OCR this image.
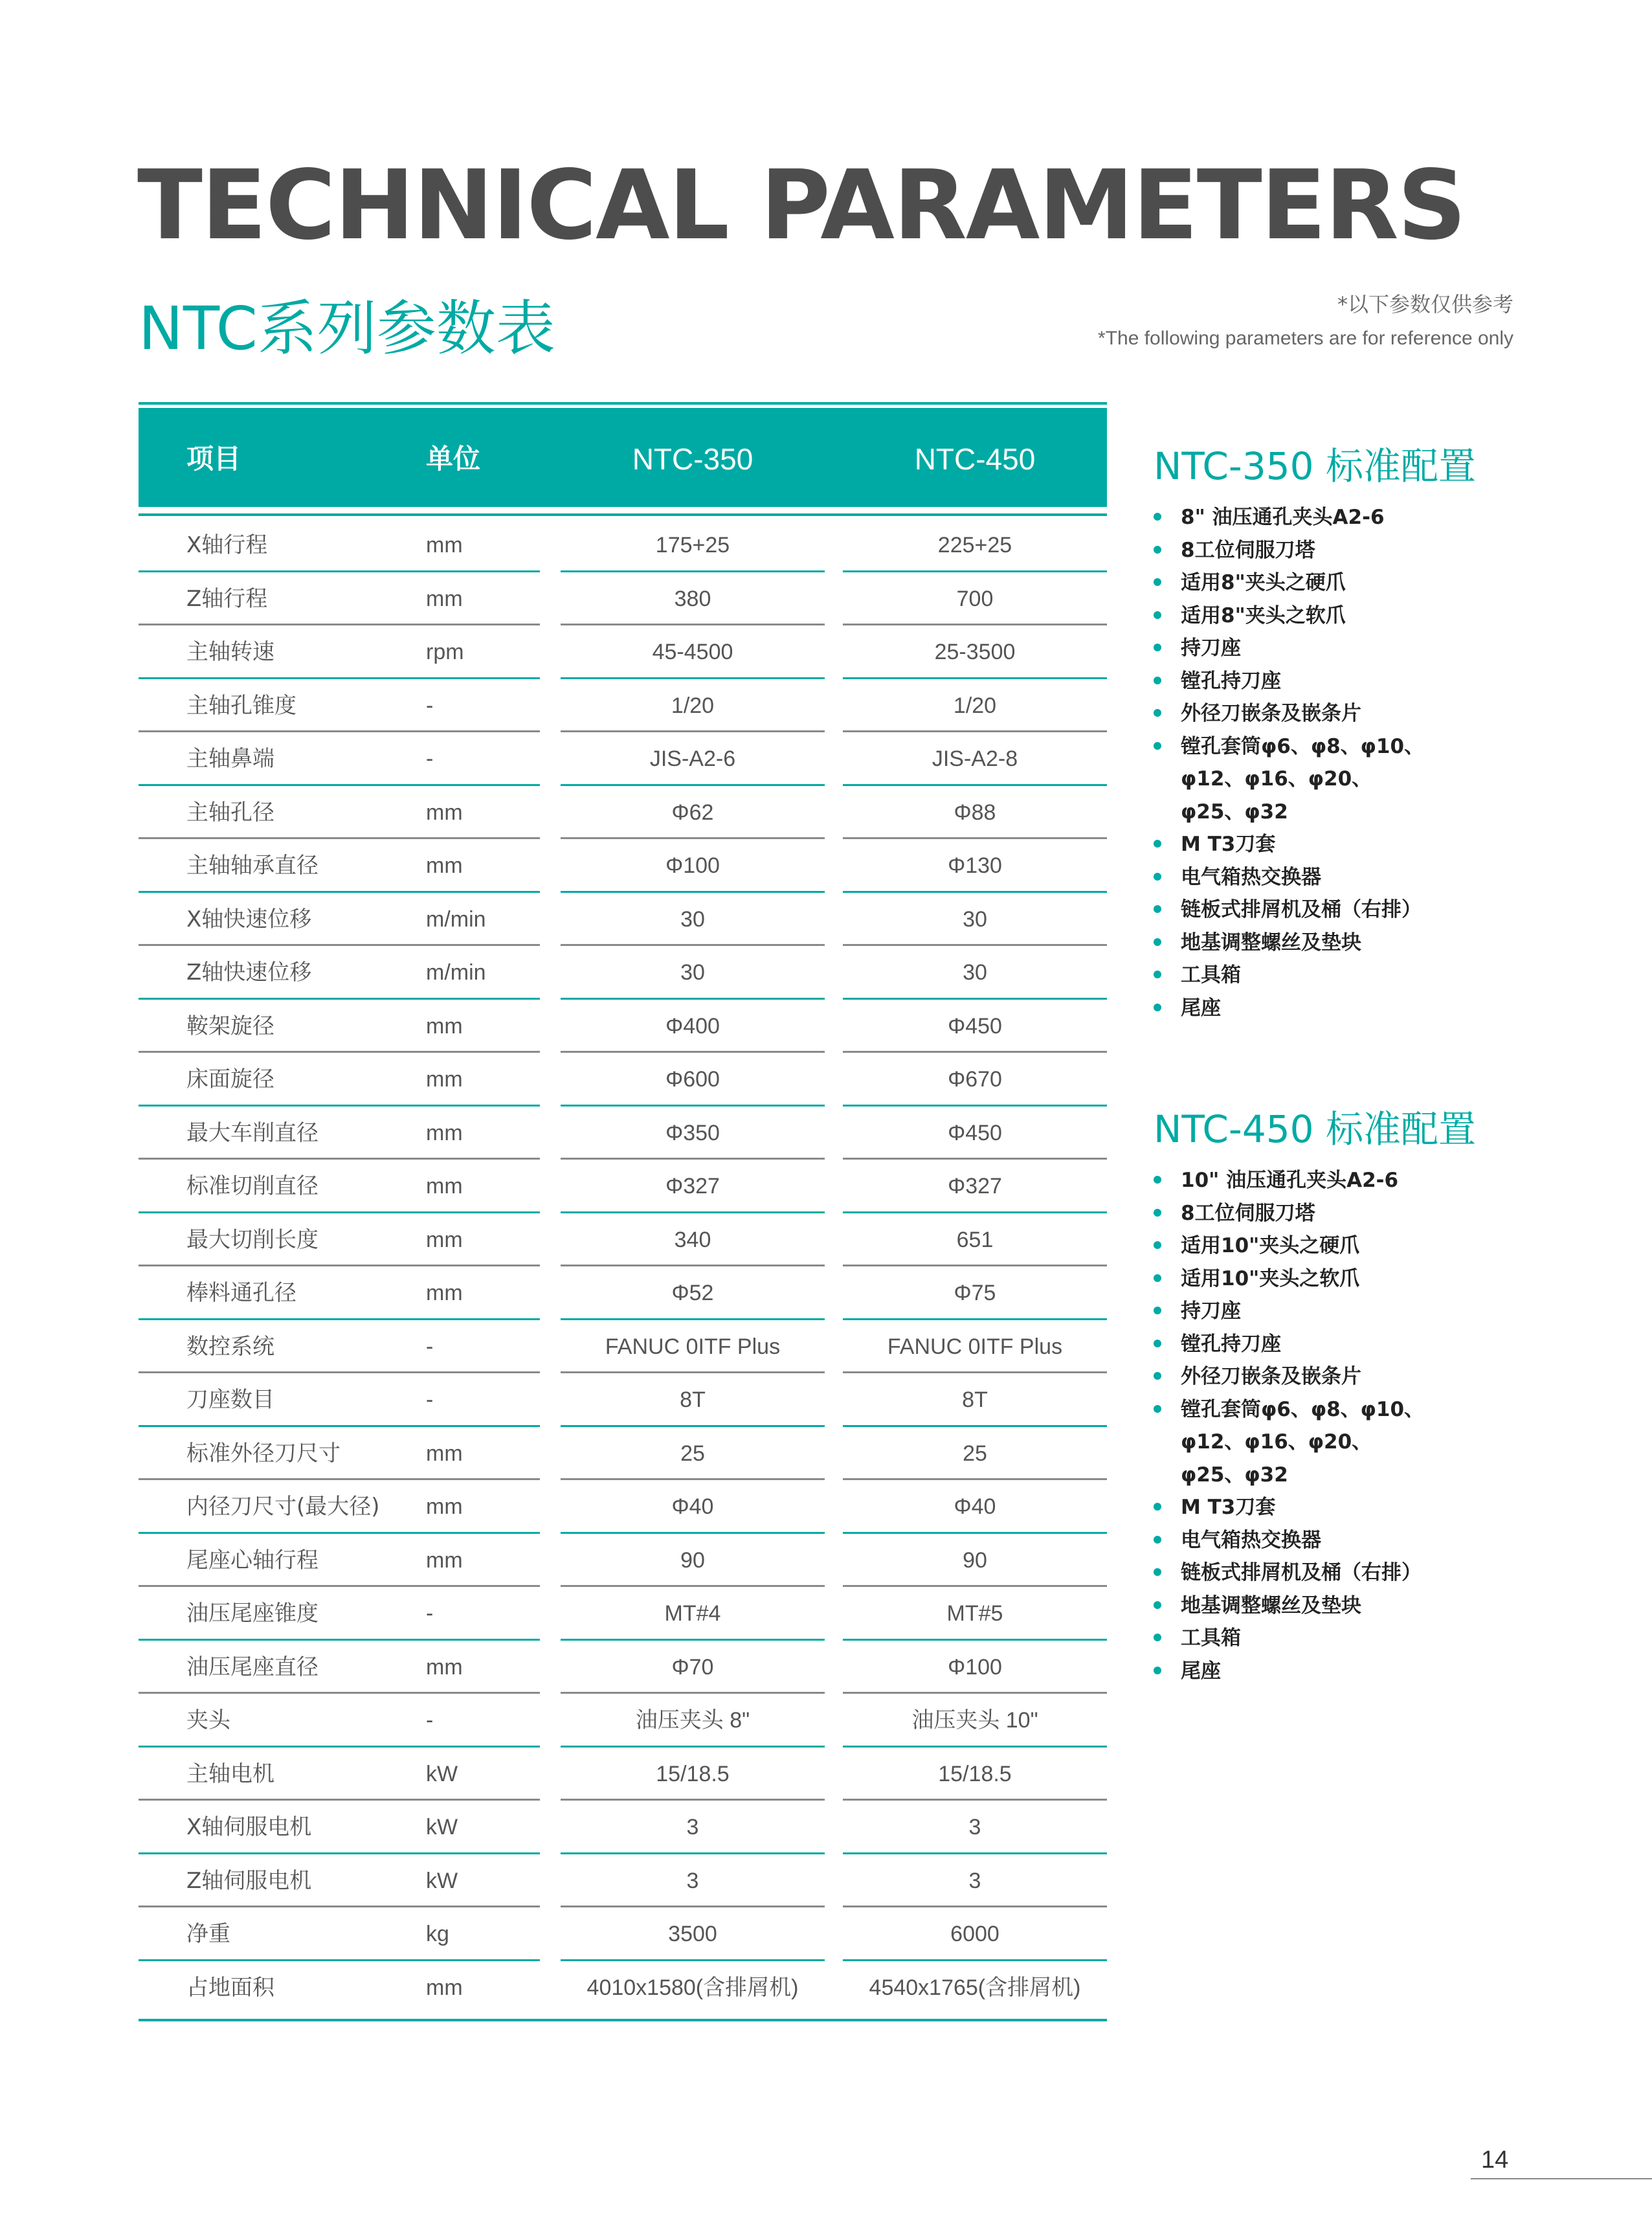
TECHNICAL PARAMETERS
NTC系列参数表	*以下参数仅供参考
*The following parameters are for reference only
项目	单位	NTC-350	NTC-450
X轴行程	mm	175+25	225+25
Z轴行程	mm	380	700
主轴转速	rpm	45-4500	25-3500
主轴孔锥度	-	1/20	1/20
主轴鼻端	-	JIS-A2-6	JIS-A2-8
主轴孔径	mm	Φ62	Φ88
主轴轴承直径	mm	Φ100	Φ130
X轴快速位移	m/min	30	30
Z轴快速位移	m/min	30	30
鞍架旋径	mm	Φ400	Φ450
床面旋径	mm	Φ600	Φ670
最大车削直径	mm	Φ350	Φ450
标准切削直径	mm	Φ327	Φ327
最大切削长度	mm	340	651
棒料通孔径	mm	Φ52	Φ75
数控系统	-	FANUC 0ITF Plus	FANUC 0ITF Plus
刀座数目	-	8T	8T
标准外径刀尺寸	mm	25	25
内径刀尺寸(最大径) mm	Φ40	Φ40
尾座心轴行程	mm	90	90
油压尾座锥度	-	MT#4	MT#5
油压尾座直径	mm	Φ70	Φ100
夹头	-	油压夹头 8"	油压夹头 10"
主轴电机	kW	15/18.5	15/18.5
X轴伺服电机	kW	3	3
Z轴伺服电机	kW	3	3
净重	kg	3500	6000
占地面积	mm	4010x1580(含排屑机)	4540x1765(含排屑机)
NTC-350 标准配置
8" 油压通孔夹头A2-6
8工位伺服刀塔
适用8"夹头之硬爪
适用8"夹头之软爪
持刀座
镗孔持刀座
外径刀嵌条及嵌条片
镗孔套筒φ6、φ8、φ10、
φ12、φ16、φ20、
φ25、φ32
M T3刀套
电气箱热交换器
链板式排屑机及桶（右排）
地基调整螺丝及垫块
工具箱
尾座
NTC-450 标准配置
10" 油压通孔夹头A2-6
8工位伺服刀塔
适用10"夹头之硬爪
适用10"夹头之软爪
持刀座
镗孔持刀座
外径刀嵌条及嵌条片
镗孔套筒φ6、φ8、φ10、
φ12、φ16、φ20、
φ25、φ32
M T3刀套
电气箱热交换器
链板式排屑机及桶（右排）
地基调整螺丝及垫块
工具箱
尾座
14
